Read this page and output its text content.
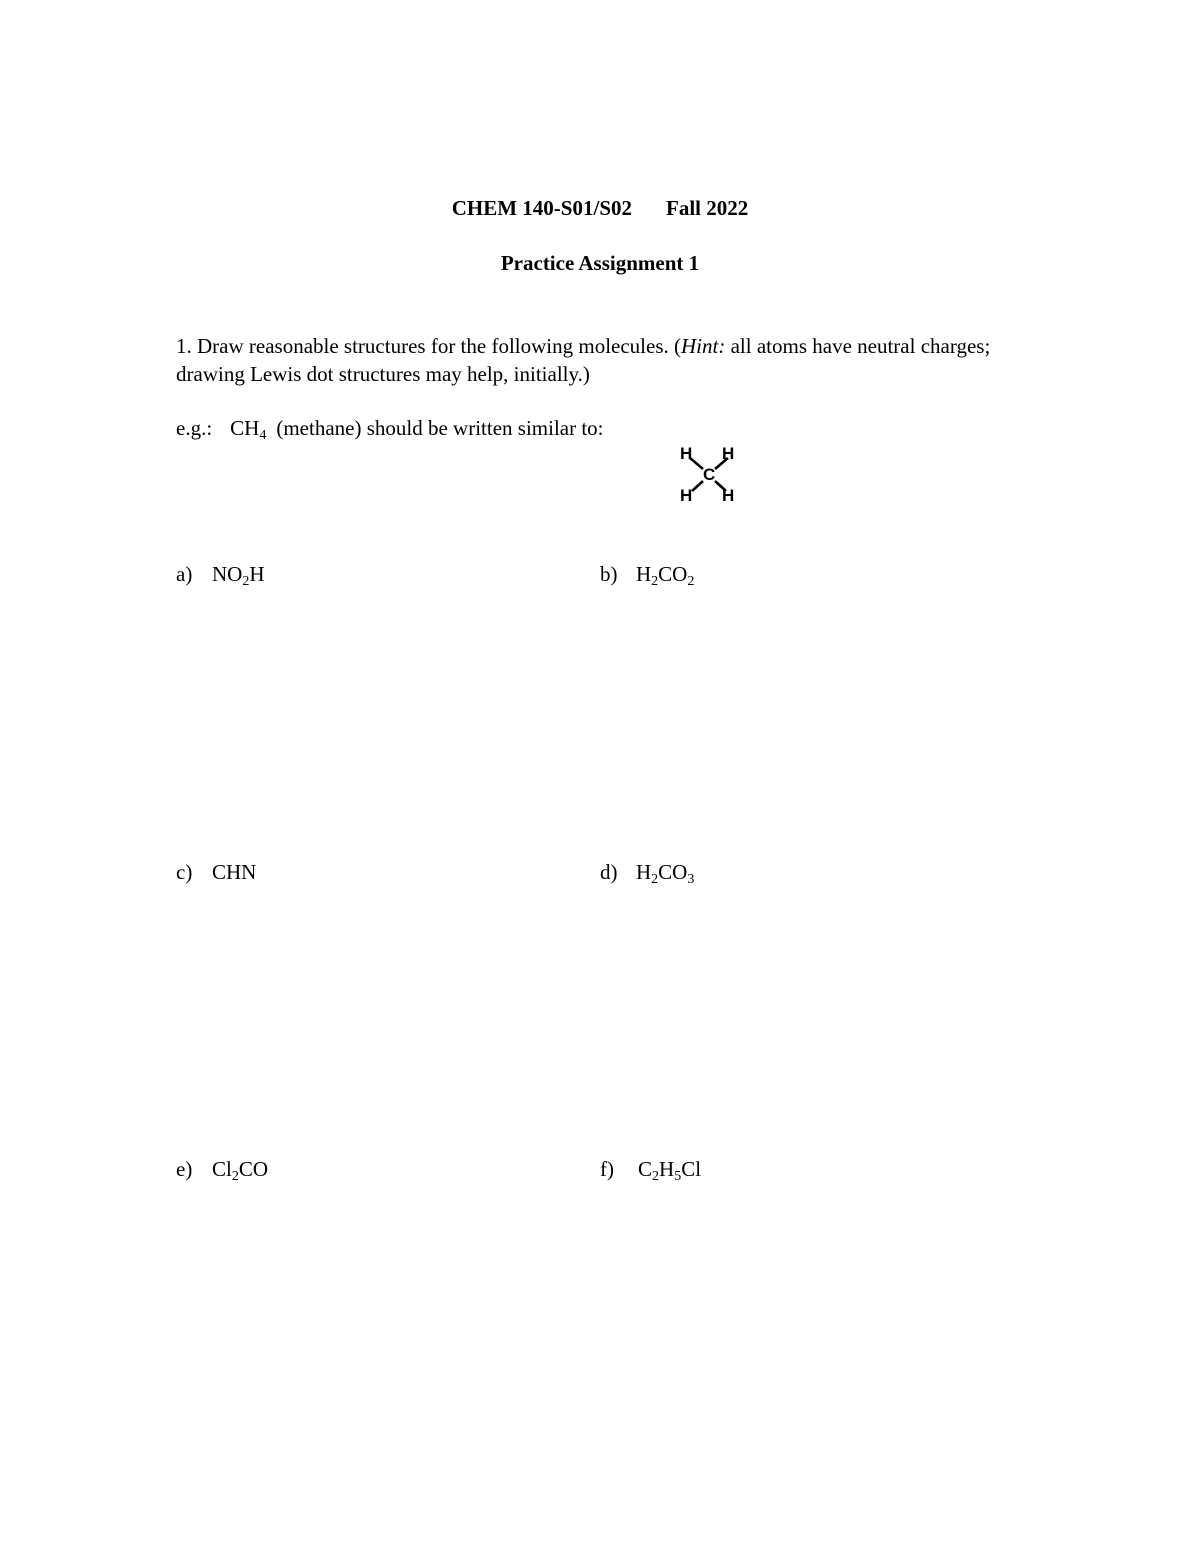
CHEM 140-S01/S02 Fall 2022
Practice Assignment 1
1. Draw reasonable structures for the following molecules. (Hint: all atoms have neutral charges; drawing Lewis dot structures may help, initially.)
e.g.: $CH_4$ (methane) should be written similar to:
H H
C
H H
a) $NO_2H$	b) $H_2CO_2$
c) CHN	d) $H_2CO_3$
e) $Cl_2CO$	f) $C_2H_5Cl$
